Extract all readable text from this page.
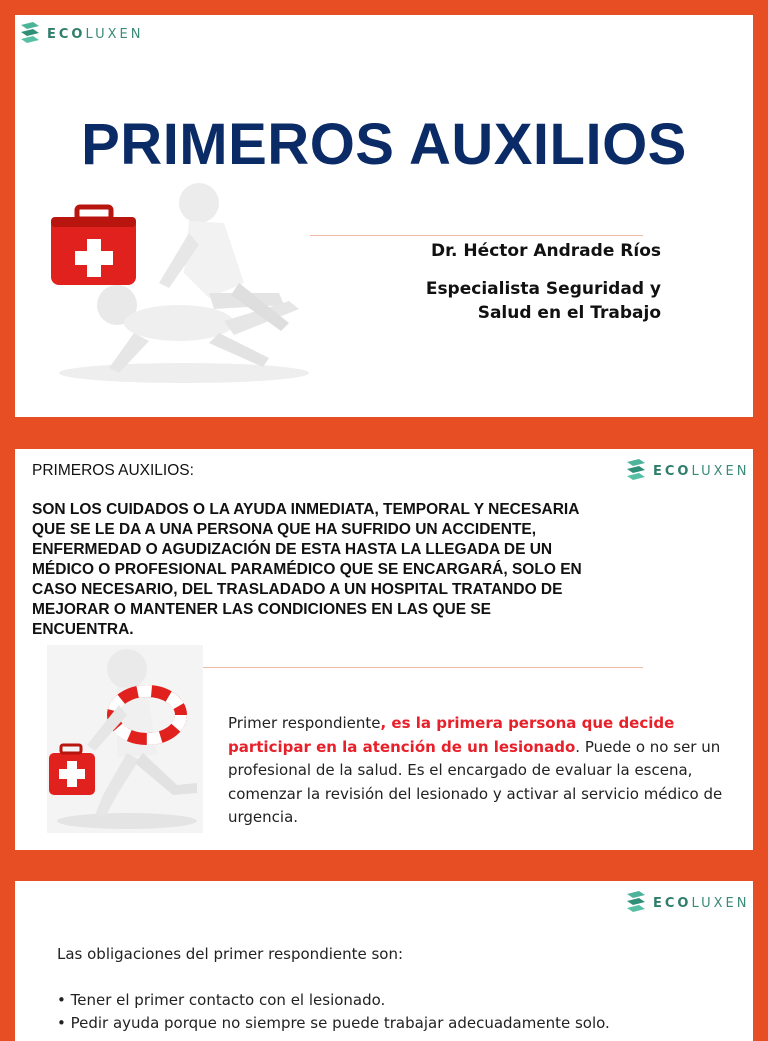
ECOLUXEN
PRIMEROS AUXILIOS
Dr. Héctor Andrade Ríos
Especialista Seguridad y
Salud en el Trabajo
ECOLUXEN
PRIMEROS AUXILIOS:
SON LOS CUIDADOS O LA AYUDA INMEDIATA, TEMPORAL Y NECESARIA QUE SE LE DA A UNA PERSONA QUE HA SUFRIDO UN ACCIDENTE, ENFERMEDAD O AGUDIZACIÓN DE ESTA HASTA LA LLEGADA DE UN MÉDICO O PROFESIONAL PARAMÉDICO QUE SE ENCARGARÁ, SOLO EN CASO NECESARIO, DEL TRASLADADO A UN HOSPITAL TRATANDO DE MEJORAR O MANTENER LAS CONDICIONES EN LAS QUE SE ENCUENTRA.
Primer respondiente, es la primera persona que decide participar en la atención de un lesionado. Puede o no ser un profesional de la salud. Es el encargado de evaluar la escena, comenzar la revisión del lesionado y activar al servicio médico de urgencia.
ECOLUXEN
Las obligaciones del primer respondiente son:
• Tener el primer contacto con el lesionado.
• Pedir ayuda porque no siempre se puede trabajar adecuadamente solo.
